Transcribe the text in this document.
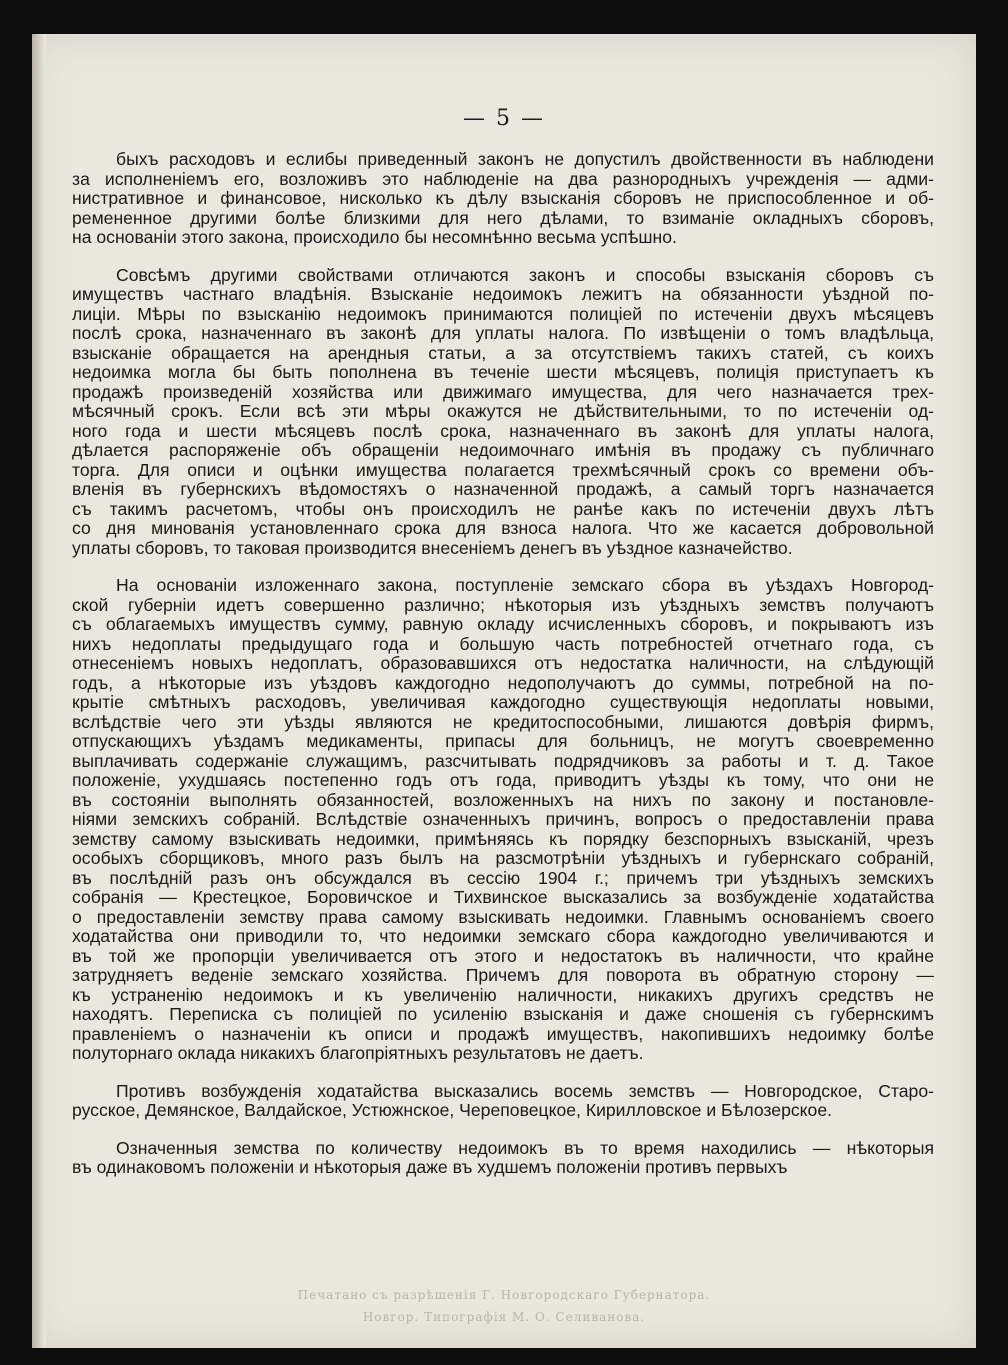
— 5 —
быхъ расходовъ и еслибы приведенный законъ не допустилъ двойственности въ наблюдени
за исполненiемъ его, возложивъ это наблюденiе на два разнородныхъ учрежденiя — адми-
нистративное и финансовое, нисколько къ дѣлу взысканiя сборовъ не приспособленное и об-
ремененное другими болѣе близкими для него дѣлами, то взиманiе окладныхъ сборовъ,
на основанiи этого закона, происходило бы несомнѣнно весьма успѣшно.
Совсѣмъ другими свойствами отличаются законъ и способы взысканiя сборовъ съ
имуществъ частнаго владѣнiя. Взысканiе недоимокъ лежитъ на обязанности уѣздной по-
лицiи. Мѣры по взысканiю недоимокъ принимаются полицiей по истеченiи двухъ мѣсяцевъ
послѣ срока, назначеннаго въ законѣ для уплаты налога. По извѣщенiи о томъ владѣльца,
взысканiе обращается на арендныя статьи, а за отсутствiемъ такихъ статей, съ коихъ
недоимка могла бы быть пополнена въ теченiе шести мѣсяцевъ, полицiя приступаетъ къ
продажѣ произведенiй хозяйства или движимаго имущества, для чего назначается трех-
мѣсячный срокъ. Если всѣ эти мѣры окажутся не дѣйствительными, то по истеченiи од-
ного года и шести мѣсяцевъ послѣ срока, назначеннаго въ законѣ для уплаты налога,
дѣлается распоряженiе объ обращенiи недоимочнаго имѣнiя въ продажу съ публичнаго
торга. Для описи и оцѣнки имущества полагается трехмѣсячный срокъ со времени объ-
вленiя въ губернскихъ вѣдомостяхъ о назначенной продажѣ, а самый торгъ назначается
съ такимъ расчетомъ, чтобы онъ происходилъ не ранѣе какъ по истеченiи двухъ лѣтъ
со дня минованiя установленнаго срока для взноса налога. Что же касается добровольной
уплаты сборовъ, то таковая производится внесенiемъ денегъ въ уѣздное казначейство.
На основанiи изложеннаго закона, поступленiе земскаго сбора въ уѣздахъ Новгород-
ской губернiи идетъ совершенно различно; нѣкоторыя изъ уѣздныхъ земствъ получаютъ
съ облагаемыхъ имуществъ сумму, равную окладу исчисленныхъ сборовъ, и покрываютъ изъ
нихъ недоплаты предыдущаго года и большую часть потребностей отчетнаго года, съ
отнесенiемъ новыхъ недоплатъ, образовавшихся отъ недостатка наличности, на слѣдующiй
годъ, а нѣкоторые изъ уѣздовъ каждогодно недополучаютъ до суммы, потребной на по-
крытiе смѣтныхъ расходовъ, увеличивая каждогодно существующiя недоплаты новыми,
вслѣдствiе чего эти уѣзды являются не кредитоспособными, лишаются довѣрiя фирмъ,
отпускающихъ уѣздамъ медикаменты, припасы для больницъ, не могутъ своевременно
выплачивать содержанiе служащимъ, разсчитывать подрядчиковъ за работы и т. д. Такое
положенiе, ухудшаясь постепенно годъ отъ года, приводитъ уѣзды къ тому, что они не
въ состоянiи выполнять обязанностей, возложенныхъ на нихъ по закону и постановле-
нiями земскихъ собранiй. Вслѣдствiе означенныхъ причинъ, вопросъ о предоставленiи права
земству самому взыскивать недоимки, примѣняясь къ порядку безспорныхъ взысканiй, чрезъ
особыхъ сборщиковъ, много разъ былъ на разсмотрѣнiи уѣздныхъ и губернскаго собранiй,
въ послѣднiй разъ онъ обсуждался въ сессiю 1904 г.; причемъ три уѣздныхъ земскихъ
собранiя — Крестецкое, Боровичское и Тихвинское высказались за возбужденiе ходатайства
о предоставленiи земству права самому взыскивать недоимки. Главнымъ основанiемъ своего
ходатайства они приводили то, что недоимки земскаго сбора каждогодно увеличиваются и
въ той же пропорцiи увеличивается отъ этого и недостатокъ въ наличности, что крайне
затрудняетъ веденiе земскаго хозяйства. Причемъ для поворота въ обратную сторону —
къ устраненiю недоимокъ и къ увеличенiю наличности, никакихъ другихъ средствъ не
находятъ. Переписка съ полицiей по усиленiю взысканiя и даже сношенiя съ губернскимъ
правленiемъ о назначенiи къ описи и продажѣ имуществъ, накопившихъ недоимку болѣе
полуторнаго оклада никакихъ благопрiятныхъ результатовъ не даетъ.
Противъ возбужденiя ходатайства высказались восемь земствъ — Новгородское, Старо-
русское, Демянское, Валдайское, Устюжнское, Череповецкое, Кирилловское и Бѣлозерское.
Означенныя земства по количеству недоимокъ въ то время находились — нѣкоторыя
въ одинаковомъ положенiи и нѣкоторыя даже въ худшемъ положенiи противъ первыхъ
Печатано съ разрѣшенiя Г. Новгородскаго Губернатора.
Новгор. Типографiя М. О. Селиванова.
